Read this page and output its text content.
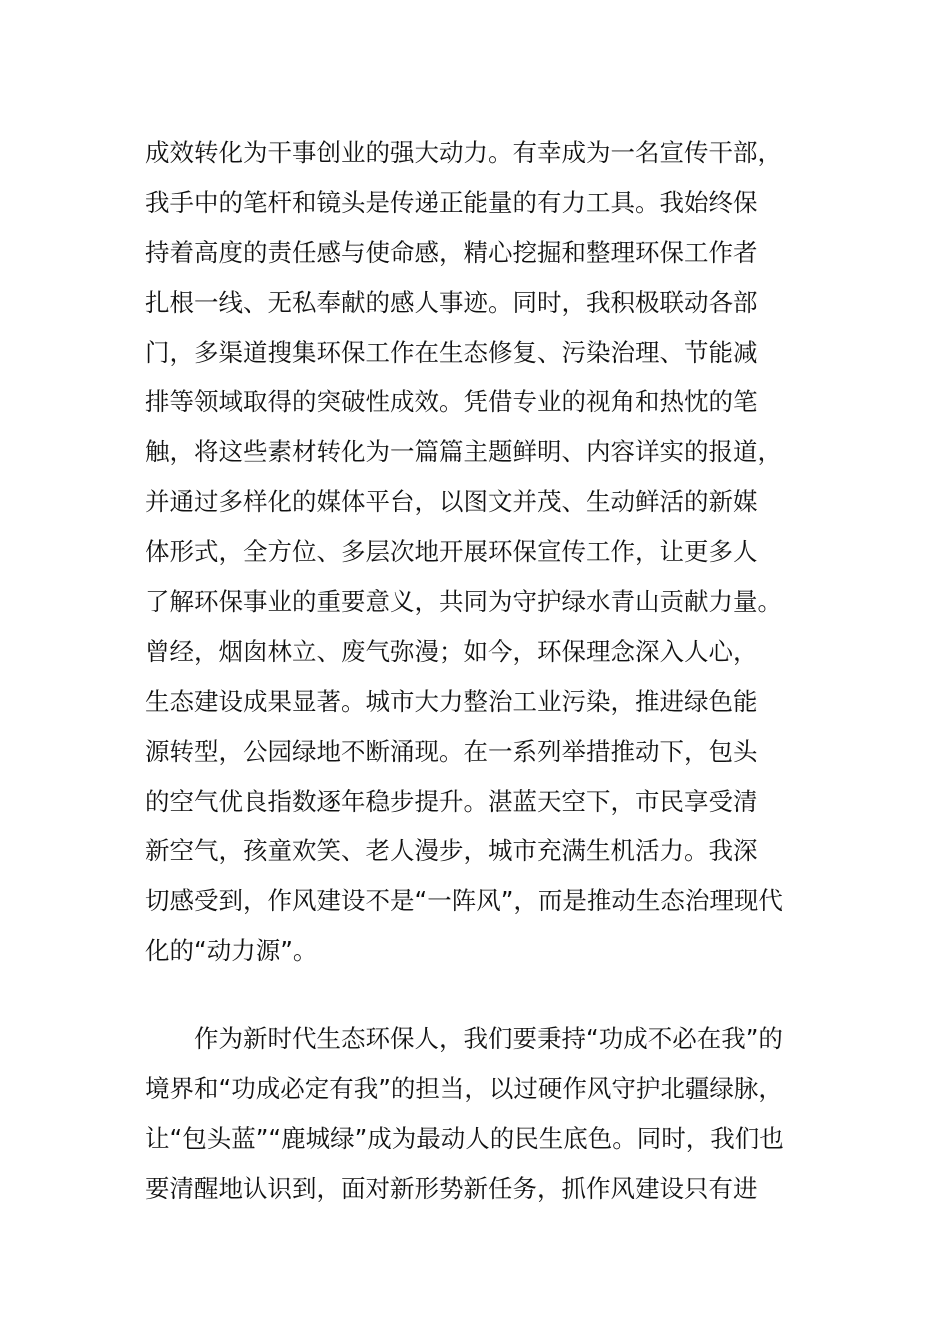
成效转化为干事创业的强大动力。有幸成为一名宣传干部，
我手中的笔杆和镜头是传递正能量的有力工具。我始终保
持着高度的责任感与使命感，精心挖掘和整理环保工作者
扎根一线、无私奉献的感人事迹。同时，我积极联动各部
门，多渠道搜集环保工作在生态修复、污染治理、节能减
排等领域取得的突破性成效。凭借专业的视角和热忱的笔
触，将这些素材转化为一篇篇主题鲜明、内容详实的报道，
并通过多样化的媒体平台，以图文并茂、生动鲜活的新媒
体形式，全方位、多层次地开展环保宣传工作，让更多人
了解环保事业的重要意义，共同为守护绿水青山贡献力量。
曾经，烟囱林立、废气弥漫；如今，环保理念深入人心，
生态建设成果显著。城市大力整治工业污染，推进绿色能
源转型，公园绿地不断涌现。在一系列举措推动下，包头
的空气优良指数逐年稳步提升。湛蓝天空下，市民享受清
新空气，孩童欢笑、老人漫步，城市充满生机活力。我深
切感受到，作风建设不是“一阵风”，而是推动生态治理现代
化的“动力源”。
作为新时代生态环保人，我们要秉持“功成不必在我”的
境界和“功成必定有我”的担当，以过硬作风守护北疆绿脉，
让“包头蓝”“鹿城绿”成为最动人的民生底色。同时，我们也
要清醒地认识到，面对新形势新任务，抓作风建设只有进
